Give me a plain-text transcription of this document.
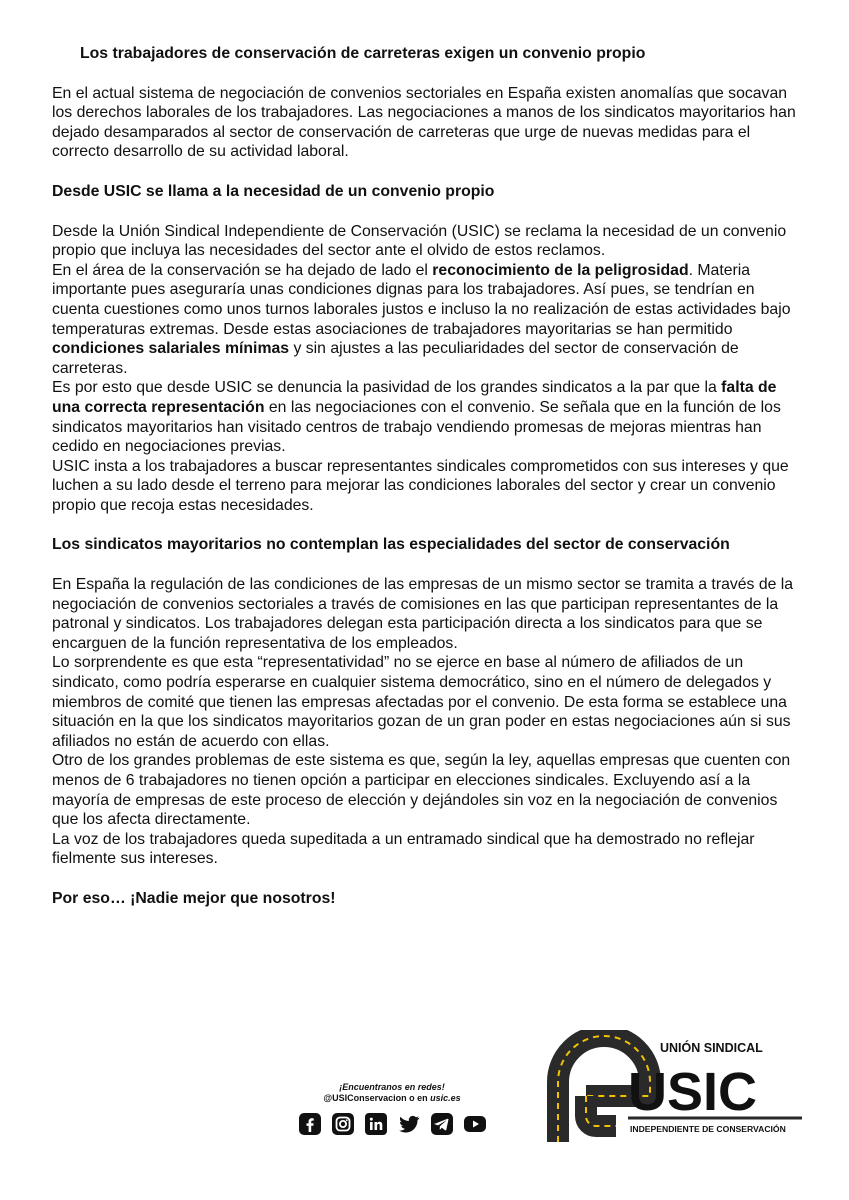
Los trabajadores de conservación de carreteras exigen un convenio propio

En el actual sistema de negociación de convenios sectoriales en España existen anomalías que socavan los derechos laborales de los trabajadores. Las negociaciones a manos de los sindicatos mayoritarios han dejado desamparados al sector de conservación de carreteras que urge de nuevas medidas para el correcto desarrollo de su actividad laboral.

Desde USIC se llama a la necesidad de un convenio propio

Desde la Unión Sindical Independiente de Conservación (USIC) se reclama la necesidad de un convenio propio que incluya las necesidades del sector ante el olvido de estos reclamos.

En el área de la conservación se ha dejado de lado el reconocimiento de la peligrosidad. Materia importante pues aseguraría unas condiciones dignas para los trabajadores. Así pues, se tendrían en cuenta cuestiones como unos turnos laborales justos e incluso la no realización de estas actividades bajo temperaturas extremas. Desde estas asociaciones de trabajadores mayoritarias se han permitido condiciones salariales mínimas y sin ajustes a las peculiaridades del sector de conservación de carreteras.

Es por esto que desde USIC se denuncia la pasividad de los grandes sindicatos a la par que la falta de una correcta representación en las negociaciones con el convenio. Se señala que en la función de los sindicatos mayoritarios han visitado centros de trabajo vendiendo promesas de mejoras mientras han cedido en negociaciones previas.

USIC insta a los trabajadores a buscar representantes sindicales comprometidos con sus intereses y que luchen a su lado desde el terreno para mejorar las condiciones laborales del sector y crear un convenio propio que recoja estas necesidades.

Los sindicatos mayoritarios no contemplan las especialidades del sector de conservación

En España la regulación de las condiciones de las empresas de un mismo sector se tramita a través de la negociación de convenios sectoriales a través de comisiones en las que participan representantes de la patronal y sindicatos. Los trabajadores delegan esta participación directa a los sindicatos para que se encarguen de la función representativa de los empleados.

Lo sorprendente es que esta “representatividad” no se ejerce en base al número de afiliados de un sindicato, como podría esperarse en cualquier sistema democrático, sino en el número de delegados y miembros de comité que tienen las empresas afectadas por el convenio. De esta forma se establece una situación en la que los sindicatos mayoritarios gozan de un gran poder en estas negociaciones aún si sus afiliados no están de acuerdo con ellas.

Otro de los grandes problemas de este sistema es que, según la ley, aquellas empresas que cuenten con menos de 6 trabajadores no tienen opción a participar en elecciones sindicales. Excluyendo así a la mayoría de empresas de este proceso de elección y dejándoles sin voz en la negociación de convenios que los afecta directamente.

La voz de los trabajadores queda supeditada a un entramado sindical que ha demostrado no reflejar fielmente sus intereses.

Por eso… ¡Nadie mejor que nosotros!

¡Encuentranos en redes!
@USIConservacion o en usic.es
UNIÓN SINDICAL
USIC
INDEPENDIENTE DE CONSERVACIÓN
